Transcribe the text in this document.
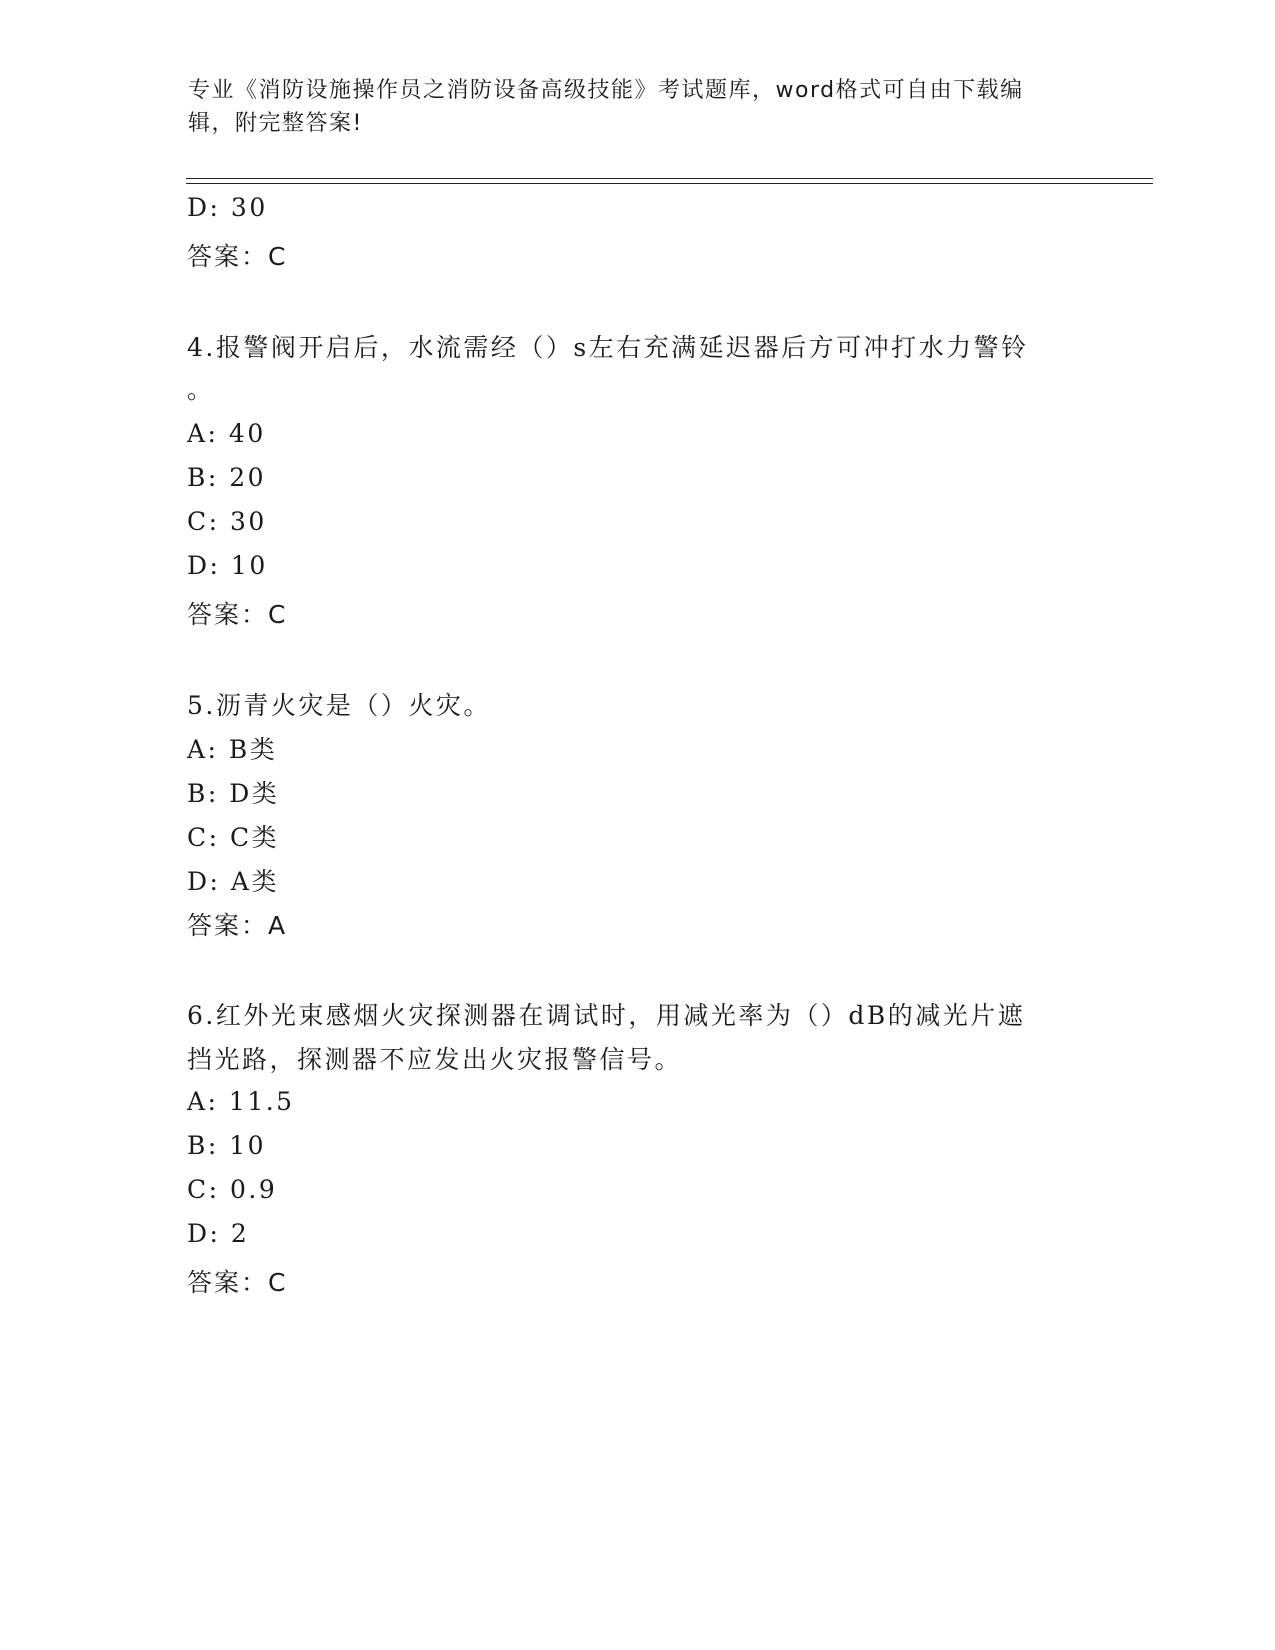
专业《消防设施操作员之消防设备高级技能》考试题库，word格式可自由下载编
辑，附完整答案!
D: 30
答案：C
4.报警阀开启后，水流需经（）s左右充满延迟器后方可冲打水力警铃
。
A: 40
B: 20
C: 30
D: 10
答案：C
5.沥青火灾是（）火灾。
A: B类
B: D类
C: C类
D: A类
答案：A
6.红外光束感烟火灾探测器在调试时，用减光率为（）dB的减光片遮
挡光路，探测器不应发出火灾报警信号。
A: 11.5
B: 10
C: 0.9
D: 2
答案：C
